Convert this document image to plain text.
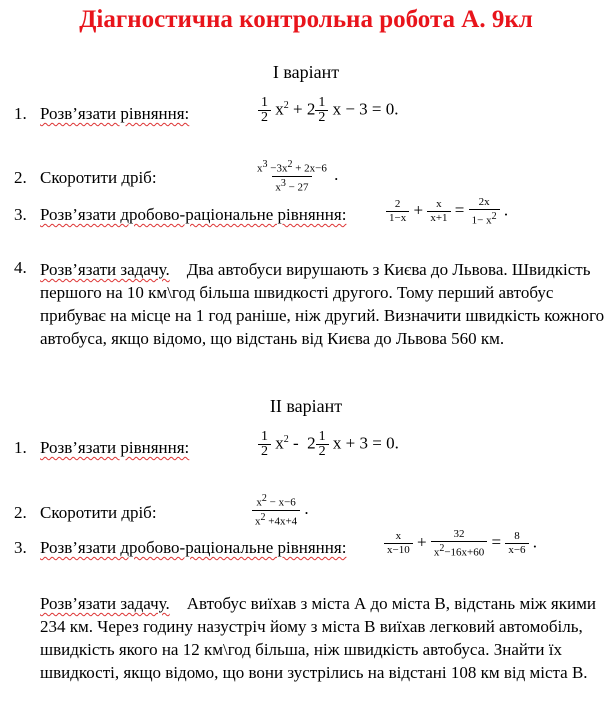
Діагностична контрольна робота А. 9кл
I варіант
1. Розв’язати рівняння:	$\frac{1}{2} x^2 + 2 \frac{1}{2}$ x − 3 = 0.
2. Скоротити дріб:	$\frac{x^3 -3x^2 + 2x-6}{x^3 - 27}$ .
3. Розв’язати дробово-раціональне рівняння:	$\frac{2}{1-x} + \frac{x}{x+1} = \frac{2x}{1- x^2}$ .
4. Розв’язати задачу. Два автобуси вирушають з Києва до Львова. Швидкість першого на 10 км\год більша швидкості другого. Тому перший автобус прибуває на місце на 1 год раніше, ніж другий. Визначити швидкість кожного автобуса, якщо відомо, що відстань від Києва до Львова 560 км.
II варіант
1. Розв’язати рівняння:	$\frac{1}{2} x^2 - 2 \frac{1}{2}$ x + 3 = 0.
2. Скоротити дріб:	$\frac{x^2 - x-6}{x^2 +4x+4}$ .
3. Розв’язати дробово-раціональне рівняння:	$\frac{x}{x-10} + \frac{32}{x^2-16x+60} = \frac{8}{x-6}$ .
Розв’язати задачу. Автобус виїхав з міста А до міста В, відстань між якими 234 км. Через годину назустріч йому з міста В виїхав легковий автомобіль, швидкість якого на 12 км\год більша, ніж швидкість автобуса. Знайти їх швидкості, якщо відомо, що вони зустрілись на відстані 108 км від міста В.
